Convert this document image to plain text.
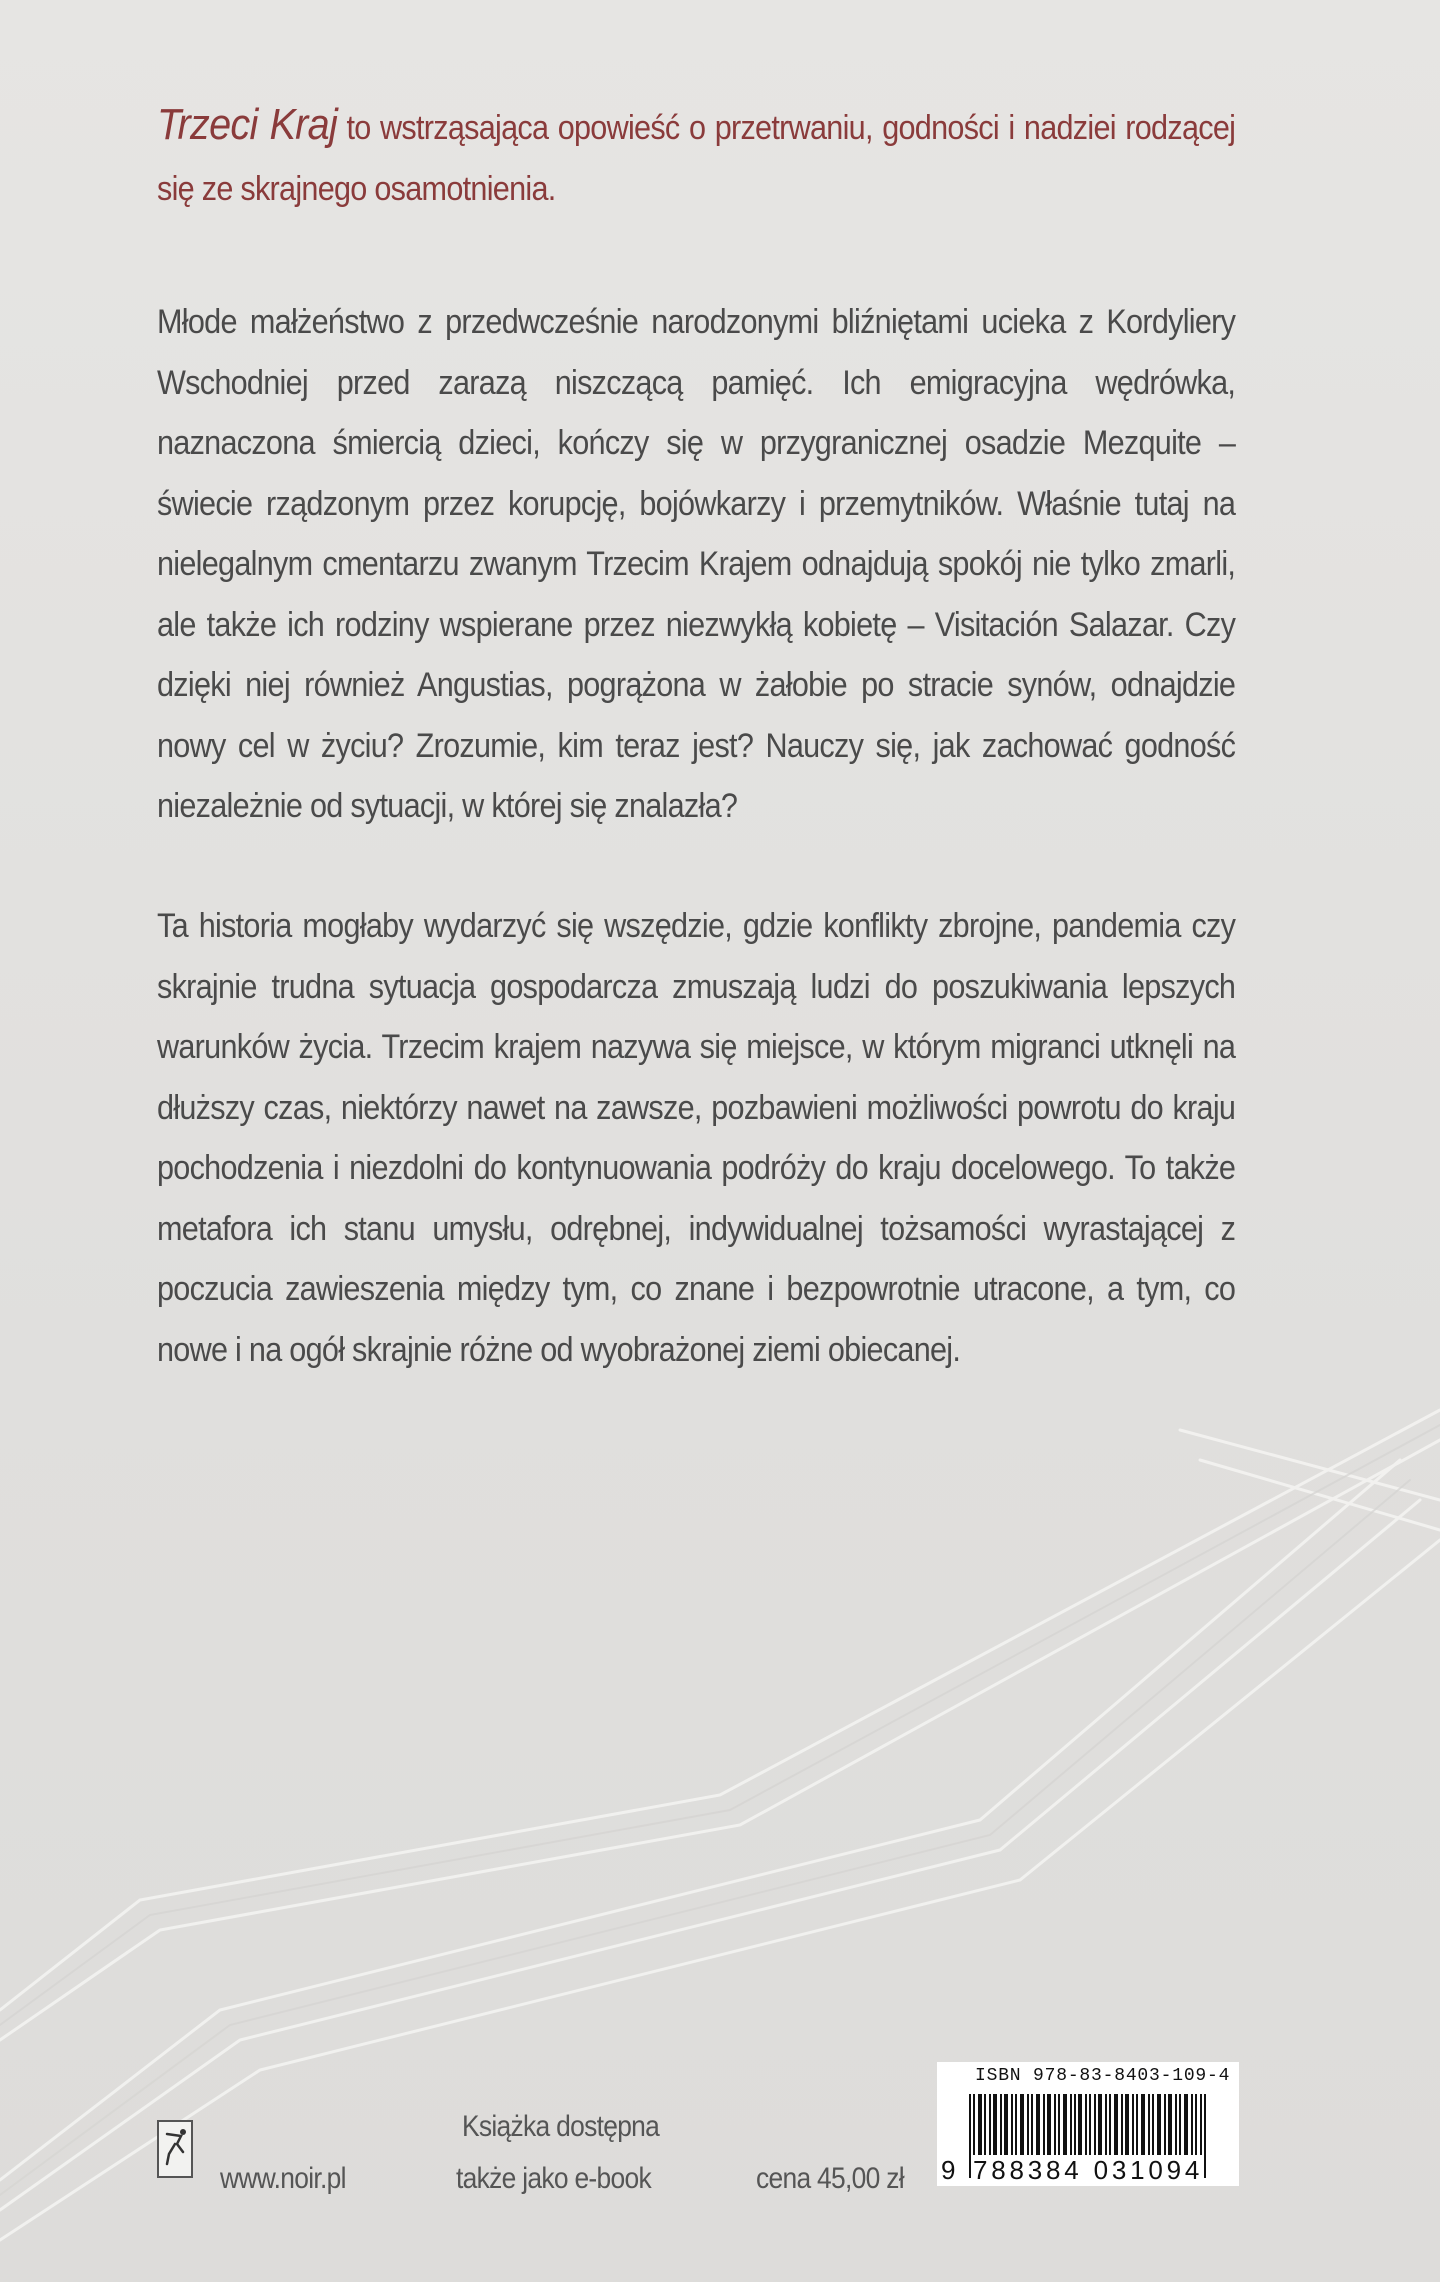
Trzeci Kraj to wstrząsająca opowieść o przetrwaniu, godności i nadziei rodzącej się ze skrajnego osamotnienia.
Młode małżeństwo z przedwcześnie narodzonymi bliźniętami ucieka z Kordyliery Wschodniej przed zarazą niszczącą pamięć. Ich emigracyjna wędrówka, naznaczona śmiercią dzieci, kończy się w przygranicznej osadzie Mezquite – świecie rządzonym przez korupcję, bojówkarzy i przemytników. Właśnie tutaj na nielegalnym cmentarzu zwanym Trzecim Krajem odnajdują spokój nie tylko zmarli, ale także ich rodziny wspierane przez niezwykłą kobietę – Visitación Salazar. Czy dzięki niej również Angustias, pogrążona w żałobie po stracie synów, odnajdzie nowy cel w życiu? Zrozumie, kim teraz jest? Nauczy się, jak zachować godność niezależnie od sytuacji, w której się znalazła?
Ta historia mogłaby wydarzyć się wszędzie, gdzie konflikty zbrojne, pandemia czy skrajnie trudna sytuacja gospodarcza zmuszają ludzi do poszukiwania lepszych warunków życia. Trzecim krajem nazywa się miejsce, w którym migranci utknęli na dłuższy czas, niektórzy nawet na zawsze, pozbawieni możliwości powrotu do kraju pochodzenia i niezdolni do kontynuowania podróży do kraju docelowego. To także metafora ich stanu umysłu, odrębnej, indywidualnej tożsamości wyrastającej z poczucia zawieszenia między tym, co znane i bezpowrotnie utracone, a tym, co nowe i na ogół skrajnie różne od wyobrażonej ziemi obiecanej.
www.noir.pl
Książka dostępna
także jako e-book	cena 45,00 zł
ISBN 978-83-8403-109-4
9 788384 031094
